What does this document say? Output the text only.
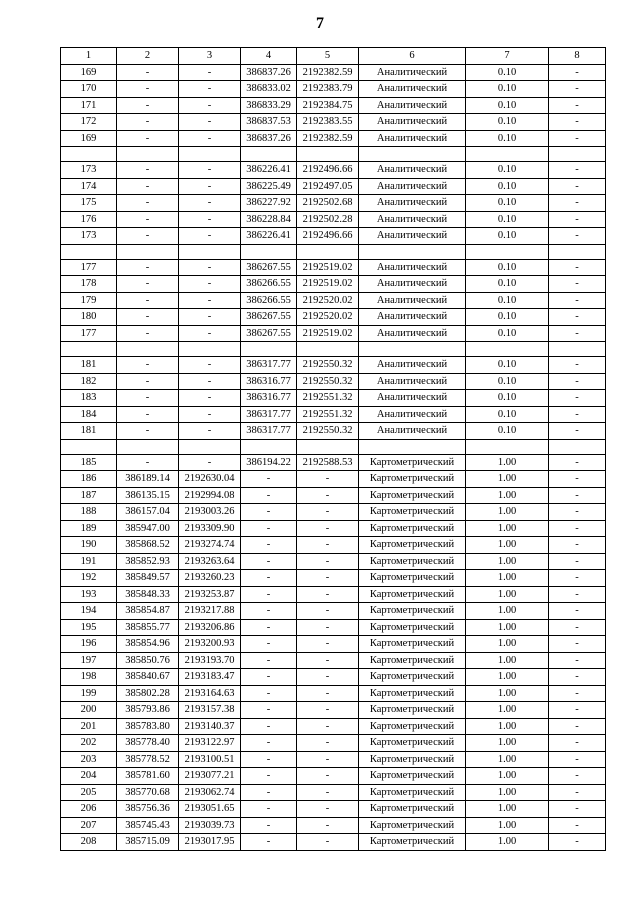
7
1	2	3	4	5	6	7	8
169	-	-	386837.26	2192382.59	Аналитический	0.10	-
170	-	-	386833.02	2192383.79	Аналитический	0.10	-
171	-	-	386833.29	2192384.75	Аналитический	0.10	-
172	-	-	386837.53	2192383.55	Аналитический	0.10	-
169	-	-	386837.26	2192382.59	Аналитический	0.10	-

173	-	-	386226.41	2192496.66	Аналитический	0.10	-
174	-	-	386225.49	2192497.05	Аналитический	0.10	-
175	-	-	386227.92	2192502.68	Аналитический	0.10	-
176	-	-	386228.84	2192502.28	Аналитический	0.10	-
173	-	-	386226.41	2192496.66	Аналитический	0.10	-

177	-	-	386267.55	2192519.02	Аналитический	0.10	-
178	-	-	386266.55	2192519.02	Аналитический	0.10	-
179	-	-	386266.55	2192520.02	Аналитический	0.10	-
180	-	-	386267.55	2192520.02	Аналитический	0.10	-
177	-	-	386267.55	2192519.02	Аналитический	0.10	-

181	-	-	386317.77	2192550.32	Аналитический	0.10	-
182	-	-	386316.77	2192550.32	Аналитический	0.10	-
183	-	-	386316.77	2192551.32	Аналитический	0.10	-
184	-	-	386317.77	2192551.32	Аналитический	0.10	-
181	-	-	386317.77	2192550.32	Аналитический	0.10	-

185	-	-	386194.22	2192588.53	Картометрический	1.00	-
186	386189.14	2192630.04	-	-	Картометрический	1.00	-
187	386135.15	2192994.08	-	-	Картометрический	1.00	-
188	386157.04	2193003.26	-	-	Картометрический	1.00	-
189	385947.00	2193309.90	-	-	Картометрический	1.00	-
190	385868.52	2193274.74	-	-	Картометрический	1.00	-
191	385852.93	2193263.64	-	-	Картометрический	1.00	-
192	385849.57	2193260.23	-	-	Картометрический	1.00	-
193	385848.33	2193253.87	-	-	Картометрический	1.00	-
194	385854.87	2193217.88	-	-	Картометрический	1.00	-
195	385855.77	2193206.86	-	-	Картометрический	1.00	-
196	385854.96	2193200.93	-	-	Картометрический	1.00	-
197	385850.76	2193193.70	-	-	Картометрический	1.00	-
198	385840.67	2193183.47	-	-	Картометрический	1.00	-
199	385802.28	2193164.63	-	-	Картометрический	1.00	-
200	385793.86	2193157.38	-	-	Картометрический	1.00	-
201	385783.80	2193140.37	-	-	Картометрический	1.00	-
202	385778.40	2193122.97	-	-	Картометрический	1.00	-
203	385778.52	2193100.51	-	-	Картометрический	1.00	-
204	385781.60	2193077.21	-	-	Картометрический	1.00	-
205	385770.68	2193062.74	-	-	Картометрический	1.00	-
206	385756.36	2193051.65	-	-	Картометрический	1.00	-
207	385745.43	2193039.73	-	-	Картометрический	1.00	-
208	385715.09	2193017.95	-	-	Картометрический	1.00	-
